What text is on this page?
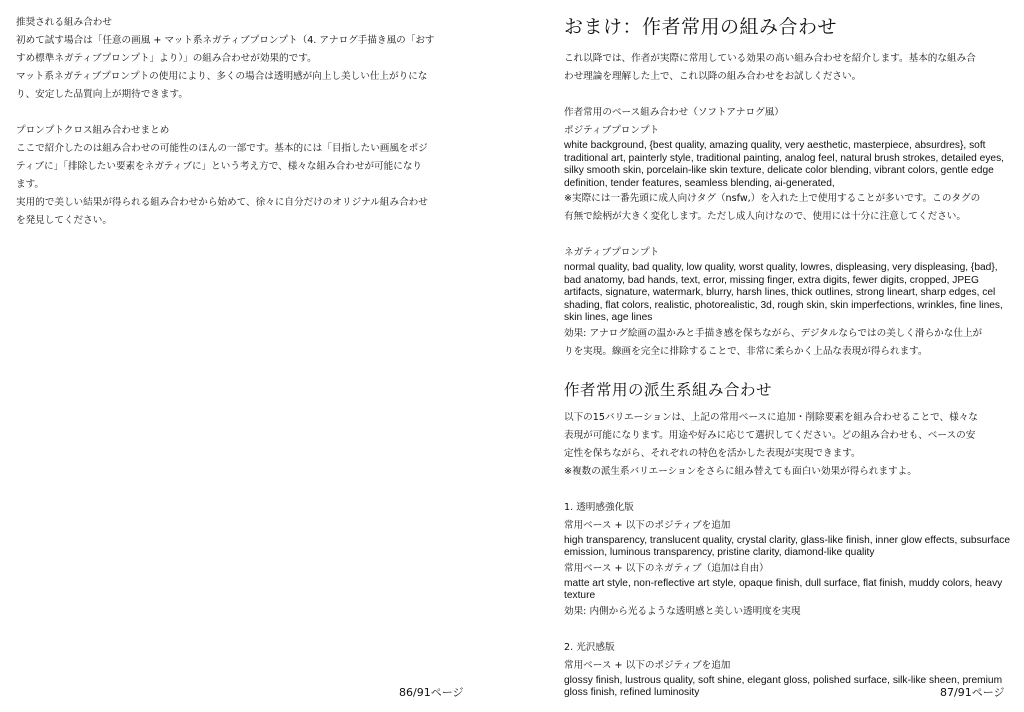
推奨される組み合わせ

初めて試す場合は「任意の画風 + マット系ネガティブプロンプト（4. アナログ手描き風の「おす

すめ標準ネガティブプロンプト」より）」の組み合わせが効果的です。

マット系ネガティブプロンプトの使用により、多くの場合は透明感が向上し美しい仕上がりにな

り、安定した品質向上が期待できます。

プロンプトクロス組み合わせまとめ

ここで紹介したのは組み合わせの可能性のほんの一部です。基本的には「目指したい画風をポジ

ティブに」「排除したい要素をネガティブに」という考え方で、様々な組み合わせが可能になり

ます。

実用的で美しい結果が得られる組み合わせから始めて、徐々に自分だけのオリジナル組み合わせ

を発見してください。

86/91ページ
おまけ：作者常用の組み合わせ

これ以降では、作者が実際に常用している効果の高い組み合わせを紹介します。基本的な組み合

わせ理論を理解した上で、これ以降の組み合わせをお試しください。

作者常用のベース組み合わせ（ソフトアナログ風）

ポジティブプロンプト

white background, {best quality, amazing quality, very aesthetic, masterpiece, absurdres}, soft

traditional art, painterly style, traditional painting, analog feel, natural brush strokes, detailed eyes,

silky smooth skin, porcelain-like skin texture, delicate color blending, vibrant colors, gentle edge

definition, tender features, seamless blending, ai-generated,

※実際には一番先頭に成人向けタグ（nsfw,）を入れた上で使用することが多いです。このタグの

有無で絵柄が大きく変化します。ただし成人向けなので、使用には十分に注意してください。

ネガティブプロンプト

normal quality, bad quality, low quality, worst quality, lowres, displeasing, very displeasing, {bad},

bad anatomy, bad hands, text, error, missing finger, extra digits, fewer digits, cropped, JPEG

artifacts, signature, watermark, blurry, harsh lines, thick outlines, strong lineart, sharp edges, cel

shading, flat colors, realistic, photorealistic, 3d, rough skin, skin imperfections, wrinkles, fine lines,

skin lines, age lines

効果: アナログ絵画の温かみと手描き感を保ちながら、デジタルならではの美しく滑らかな仕上が

りを実現。線画を完全に排除することで、非常に柔らかく上品な表現が得られます。

作者常用の派生系組み合わせ

以下の15バリエーションは、上記の常用ベースに追加・削除要素を組み合わせることで、様々な

表現が可能になります。用途や好みに応じて選択してください。どの組み合わせも、ベースの安

定性を保ちながら、それぞれの特色を活かした表現が実現できます。

※複数の派生系バリエーションをさらに組み替えても面白い効果が得られますよ。

1. 透明感強化版

常用ベース + 以下のポジティブを追加

high transparency, translucent quality, crystal clarity, glass-like finish, inner glow effects, subsurface

emission, luminous transparency, pristine clarity, diamond-like quality

常用ベース + 以下のネガティブ（追加は自由）

matte art style, non-reflective art style, opaque finish, dull surface, flat finish, muddy colors, heavy

texture

効果: 内側から光るような透明感と美しい透明度を実現

2. 光沢感版

常用ベース + 以下のポジティブを追加

glossy finish, lustrous quality, soft shine, elegant gloss, polished surface, silk-like sheen, premium

gloss finish, refined luminosity	87/91ページ
